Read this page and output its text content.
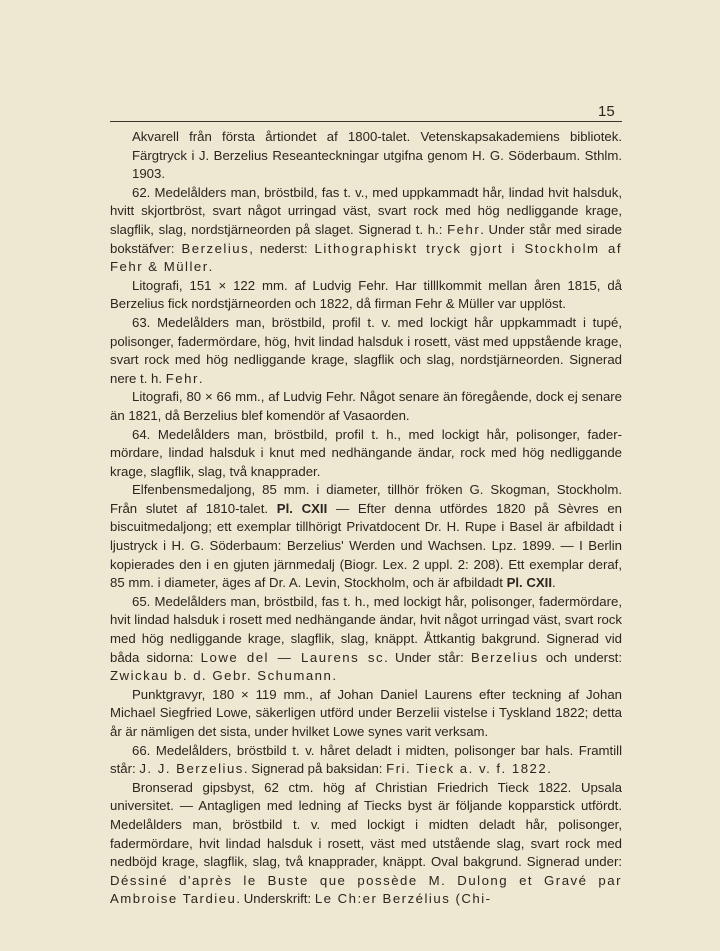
15

Akvarell från första årtiondet af 1800-talet. Vetenskapsakademiens bibliotek. Färgtryck i J. Berzelius Reseanteckningar utgifna genom H. G. Söderbaum. Sthlm. 1903.

62. Medelålders man, bröstbild, fas t. v., med uppkammadt hår, lindad hvit halsduk, hvitt skjortbröst, svart något urringad väst, svart rock med hög nedliggande krage, slagflik, slag, nordstjärneorden på slaget. Signerad t. h.: Fehr. Under står med sirade bokstäfver: Berzelius, nederst: Lithographiskt tryck gjort i Stockholm af Fehr & Müller.

Litografi, 151 × 122 mm. af Ludvig Fehr. Har tilllkommit mellan åren 1815, då Berzelius fick nordstjärneorden och 1822, då firman Fehr & Müller var upplöst.

63. Medelålders man, bröstbild, profil t. v. med lockigt hår uppkammadt i tupé, polisonger, fadermördare, hög, hvit lindad halsduk i rosett, väst med uppstående krage, svart rock med hög nedliggande krage, slagflik och slag, nordstjärneorden. Signerad nere t. h. Fehr.

Litografi, 80 × 66 mm., af Ludvig Fehr. Något senare än föregående, dock ej senare än 1821, då Berzelius blef komendör af Vasaorden.

64. Medelålders man, bröstbild, profil t. h., med lockigt hår, polisonger, fadermördare, lindad halsduk i knut med nedhängande ändar, rock med hög nedliggande krage, slagflik, slag, två knapprader.

Elfenbensmedaljong, 85 mm. i diameter, tillhör fröken G. Skogman, Stockholm. Från slutet af 1810-talet. Pl. CXII — Efter denna utfördes 1820 på Sèvres en biscuitmedaljong; ett exemplar tillhörigt Privatdocent Dr. H. Rupe i Basel är afbildadt i ljustryck i H. G. Söderbaum: Berzelius' Werden und Wachsen. Lpz. 1899. — I Berlin kopierades den i en gjuten järnmedalj (Biogr. Lex. 2 uppl. 2: 208). Ett exemplar deraf, 85 mm. i diameter, äges af Dr. A. Levin, Stockholm, och är afbildadt Pl. CXII.

65. Medelålders man, bröstbild, fas t. h., med lockigt hår, polisonger, fadermördare, hvit lindad halsduk i rosett med nedhängande ändar, hvit något urringad väst, svart rock med hög nedliggande krage, slagflik, slag, knäppt. Åttkantig bakgrund. Signerad vid båda sidorna: Lowe del — Laurens sc. Under står: Berzelius och underst: Zwickau b. d. Gebr. Schumann.

Punktgravyr, 180 × 119 mm., af Johan Daniel Laurens efter teckning af Johan Michael Siegfried Lowe, säkerligen utförd under Berzelii vistelse i Tyskland 1822; detta år är nämligen det sista, under hvilket Lowe synes varit verksam.

66. Medelålders, bröstbild t. v. håret deladt i midten, polisonger bar hals. Framtill står: J. J. Berzelius. Signerad på baksidan: Fri. Tieck a. v. f. 1822.

Bronserad gipsbyst, 62 ctm. hög af Christian Friedrich Tieck 1822. Upsala universitet. — Antagligen med ledning af Tiecks byst är följande kopparstick utfördt. Medelålders man, bröstbild t. v. med lockigt i midten deladt hår, polisonger, fadermördare, hvit lindad halsduk i rosett, väst med utstående slag, svart rock med nedböjd krage, slagflik, slag, två knapprader, knäppt. Oval bakgrund. Signerad under: Déssiné d'après le Buste que possède M. Dulong et Gravé par Ambroise Tardieu. Underskrift: Le Ch:er Berzélius (Chi-
